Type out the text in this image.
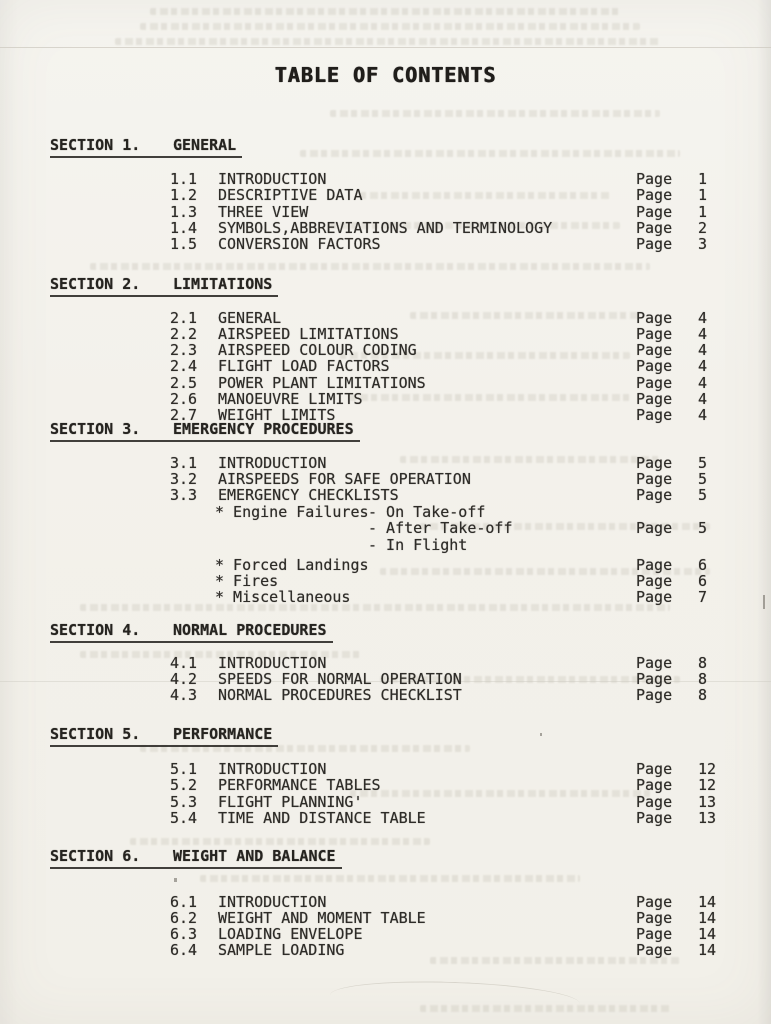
TABLE OF CONTENTS
SECTION 1.	GENERAL
1.1 INTRODUCTION	Page 1
1.2 DESCRIPTIVE DATA	Page 1
1.3 THREE VIEW	Page 1
1.4 SYMBOLS,ABBREVIATIONS AND TERMINOLOGY	Page 2
1.5 CONVERSION FACTORS	Page 3
SECTION 2.	LIMITATIONS
2.1 GENERAL	Page 4
2.2 AIRSPEED LIMITATIONS	Page 4
2.3 AIRSPEED COLOUR CODING	Page 4
2.4 FLIGHT LOAD FACTORS	Page 4
2.5 POWER PLANT LIMITATIONS	Page 4
2.6 MANOEUVRE LIMITS	Page 4
2.7 WEIGHT LIMITS	Page 4
SECTION 3.	EMERGENCY PROCEDURES
3.1 INTRODUCTION	Page 5
3.2 AIRSPEEDS FOR SAFE OPERATION	Page 5
3.3 EMERGENCY CHECKLISTS	Page 5
* Engine Failures - On Take-off
- After Take-off	Page 5
- In Flight
* Forced Landings	Page 6
* Fires	Page 6
* Miscellaneous	Page 7
SECTION 4.	NORMAL PROCEDURES
4.1 INTRODUCTION	Page 8
4.2 SPEEDS FOR NORMAL OPERATION	Page 8
4.3 NORMAL PROCEDURES CHECKLIST	Page 8
SECTION 5.	PERFORMANCE
5.1 INTRODUCTION	Page 12
5.2 PERFORMANCE TABLES	Page 12
5.3 FLIGHT PLANNING'	Page 13
5.4 TIME AND DISTANCE TABLE	Page 13
SECTION 6.	WEIGHT AND BALANCE
6.1 INTRODUCTION	Page 14
6.2 WEIGHT AND MOMENT TABLE	Page 14
6.3 LOADING ENVELOPE	Page 14
6.4 SAMPLE LOADING	Page 14
